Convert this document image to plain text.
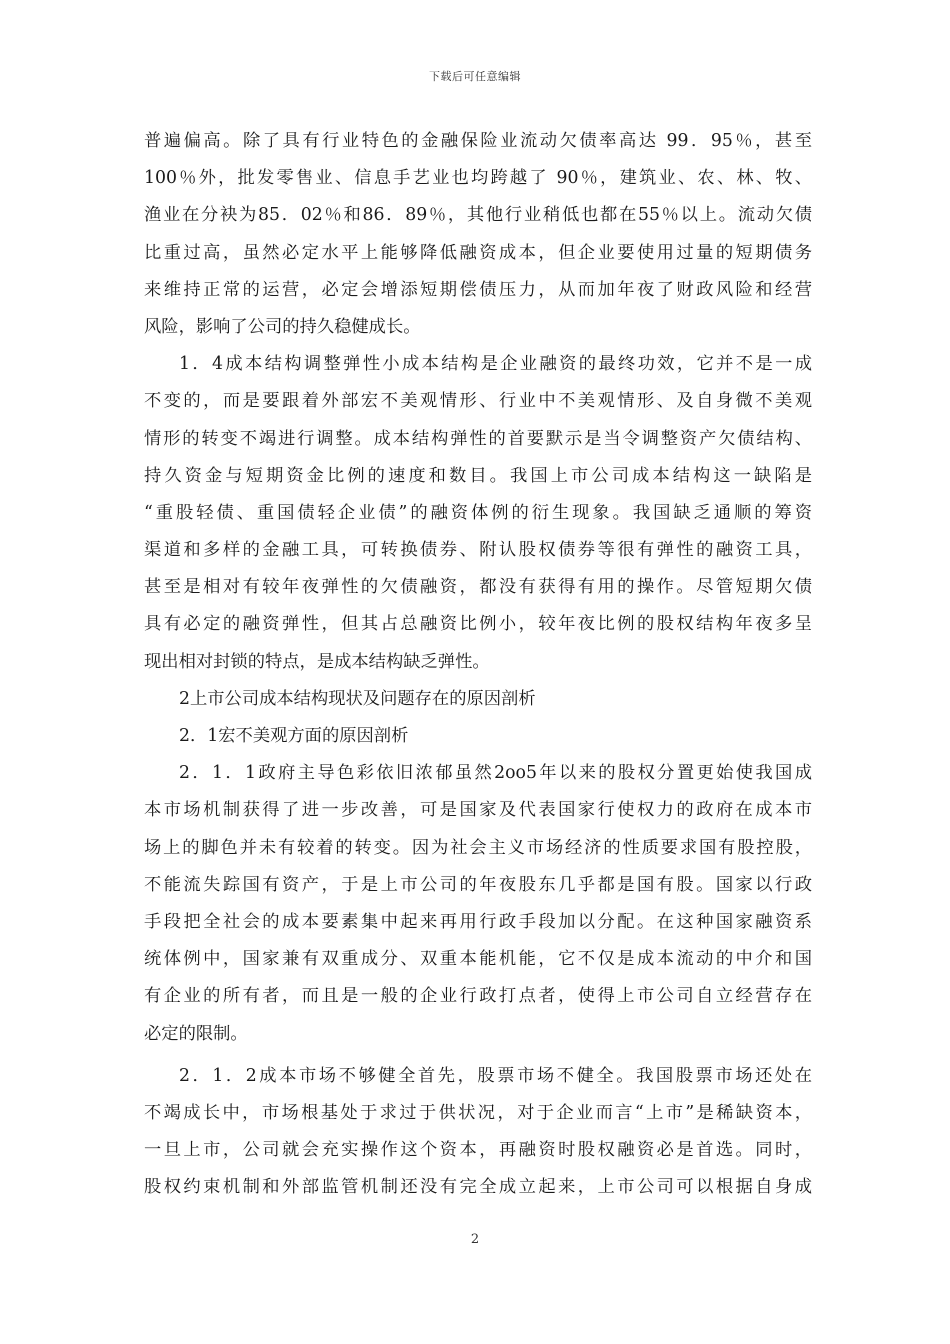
下载后可任意编辑
普遍偏高。除了具有行业特色的金融保险业流动欠债率高达 99．95％，甚至
100％外，批发零售业、信息手艺业也均跨越了 90％，建筑业、农、林、牧、
渔业在分袂为85．02％和86．89％，其他行业稍低也都在55％以上。流动欠债
比重过高，虽然必定水平上能够降低融资成本，但企业要使用过量的短期债务
来维持正常的运营，必定会增添短期偿债压力，从而加年夜了财政风险和经营
风险，影响了公司的持久稳健成长。
1．4成本结构调整弹性小成本结构是企业融资的最终功效，它并不是一成
不变的，而是要跟着外部宏不美观情形、行业中不美观情形、及自身微不美观
情形的转变不竭进行调整。成本结构弹性的首要默示是当令调整资产欠债结构、
持久资金与短期资金比例的速度和数目。我国上市公司成本结构这一缺陷是
“重股轻债、重国债轻企业债”的融资体例的衍生现象。我国缺乏通顺的筹资
渠道和多样的金融工具，可转换债券、附认股权债券等很有弹性的融资工具，
甚至是相对有较年夜弹性的欠债融资，都没有获得有用的操作。尽管短期欠债
具有必定的融资弹性，但其占总融资比例小，较年夜比例的股权结构年夜多呈
现出相对封锁的特点，是成本结构缺乏弹性。
2上市公司成本结构现状及问题存在的原因剖析
2．1宏不美观方面的原因剖析
2．1．1政府主导色彩依旧浓郁虽然2oo5年以来的股权分置更始使我国成
本市场机制获得了进一步改善，可是国家及代表国家行使权力的政府在成本市
场上的脚色并未有较着的转变。因为社会主义市场经济的性质要求国有股控股，
不能流失踪国有资产，于是上市公司的年夜股东几乎都是国有股。国家以行政
手段把全社会的成本要素集中起来再用行政手段加以分配。在这种国家融资系
统体例中，国家兼有双重成分、双重本能机能，它不仅是成本流动的中介和国
有企业的所有者，而且是一般的企业行政打点者，使得上市公司自立经营存在
必定的限制。
2．1．2成本市场不够健全首先，股票市场不健全。我国股票市场还处在
不竭成长中，市场根基处于求过于供状况，对于企业而言“上市”是稀缺资本，
一旦上市，公司就会充实操作这个资本，再融资时股权融资必是首选。同时，
股权约束机制和外部监管机制还没有完全成立起来，上市公司可以根据自身成
2
